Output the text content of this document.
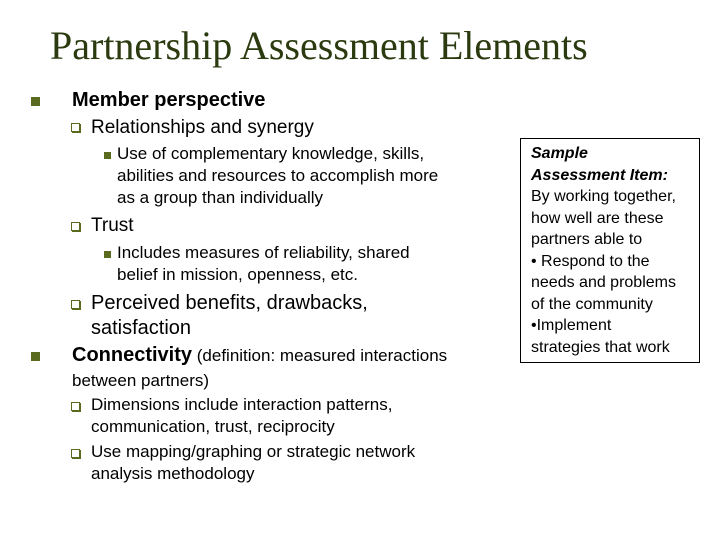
Partnership Assessment Elements
Member perspective
Relationships and synergy
Use of complementary knowledge, skills,
abilities and resources to accomplish more
as a group than individually
Trust
Includes measures of reliability, shared
belief in mission, openness, etc.
Perceived benefits, drawbacks,
satisfaction
Connectivity (definition: measured interactions
between partners)
Dimensions include interaction patterns,
communication, trust, reciprocity
Use mapping/graphing or strategic network
analysis methodology
Sample
Assessment Item:
By working together,
how well are these
partners able to
• Respond to the
needs and problems
of the community
•Implement
strategies that work
